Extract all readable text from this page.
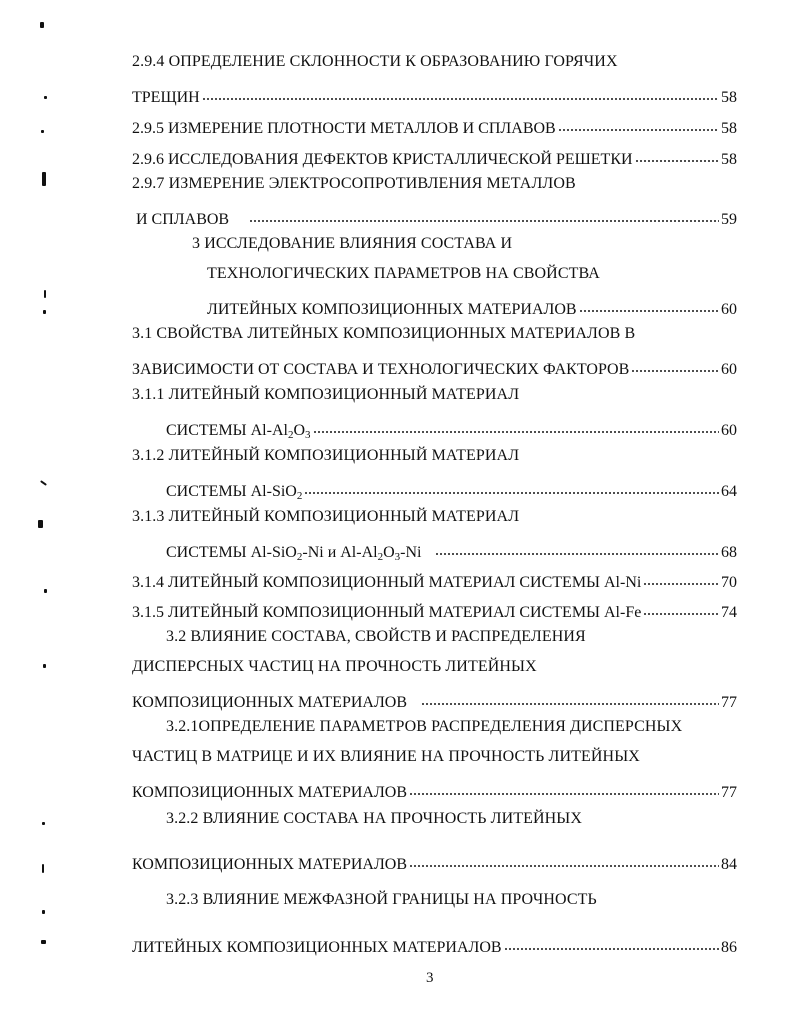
2.9.4 ОПРЕДЕЛЕНИЕ СКЛОННОСТИ К ОБРАЗОВАНИЮ ГОРЯЧИХ
ТРЕЩИН	58
2.9.5 ИЗМЕРЕНИЕ ПЛОТНОСТИ МЕТАЛЛОВ И СПЛАВОВ	58
2.9.6 ИССЛЕДОВАНИЯ ДЕФЕКТОВ КРИСТАЛЛИЧЕСКОЙ РЕШЕТКИ	58
2.9.7 ИЗМЕРЕНИЕ ЭЛЕКТРОСОПРОТИВЛЕНИЯ МЕТАЛЛОВ
И СПЛАВОВ	59
3 ИССЛЕДОВАНИЕ ВЛИЯНИЯ СОСТАВА И
ТЕХНОЛОГИЧЕСКИХ ПАРАМЕТРОВ НА СВОЙСТВА
ЛИТЕЙНЫХ КОМПОЗИЦИОННЫХ МАТЕРИАЛОВ	60
3.1 СВОЙСТВА ЛИТЕЙНЫХ КОМПОЗИЦИОННЫХ МАТЕРИАЛОВ В
ЗАВИСИМОСТИ ОТ СОСТАВА И ТЕХНОЛОГИЧЕСКИХ ФАКТОРОВ	60
3.1.1 ЛИТЕЙНЫЙ КОМПОЗИЦИОННЫЙ МАТЕРИАЛ
СИСТЕМЫ $Al-Al_2O_3$	60
3.1.2 ЛИТЕЙНЫЙ КОМПОЗИЦИОННЫЙ МАТЕРИАЛ
СИСТЕМЫ Al-SiO$_2$	64
3.1.3 ЛИТЕЙНЫЙ КОМПОЗИЦИОННЫЙ МАТЕРИАЛ
СИСТЕМЫ Al-SiO$_2$-Ni и $Al-Al_2O_3-Ni$	68
3.1.4 ЛИТЕЙНЫЙ КОМПОЗИЦИОННЫЙ МАТЕРИАЛ СИСТЕМЫ Al-Ni	70
3.1.5 ЛИТЕЙНЫЙ КОМПОЗИЦИОННЫЙ МАТЕРИАЛ СИСТЕМЫ Al-Fe	74
3.2 ВЛИЯНИЕ СОСТАВА, СВОЙСТВ И РАСПРЕДЕЛЕНИЯ
ДИСПЕРСНЫХ ЧАСТИЦ НА ПРОЧНОСТЬ ЛИТЕЙНЫХ
КОМПОЗИЦИОННЫХ МАТЕРИАЛОВ	77
3.2.1ОПРЕДЕЛЕНИЕ ПАРАМЕТРОВ РАСПРЕДЕЛЕНИЯ ДИСПЕРСНЫХ
ЧАСТИЦ В МАТРИЦЕ И ИХ ВЛИЯНИЕ НА ПРОЧНОСТЬ ЛИТЕЙНЫХ
КОМПОЗИЦИОННЫХ МАТЕРИАЛОВ	77
3.2.2 ВЛИЯНИЕ СОСТАВА НА ПРОЧНОСТЬ ЛИТЕЙНЫХ
КОМПОЗИЦИОННЫХ МАТЕРИАЛОВ	84
3.2.3 ВЛИЯНИЕ МЕЖФАЗНОЙ ГРАНИЦЫ НА ПРОЧНОСТЬ
ЛИТЕЙНЫХ КОМПОЗИЦИОННЫХ МАТЕРИАЛОВ	86
3
